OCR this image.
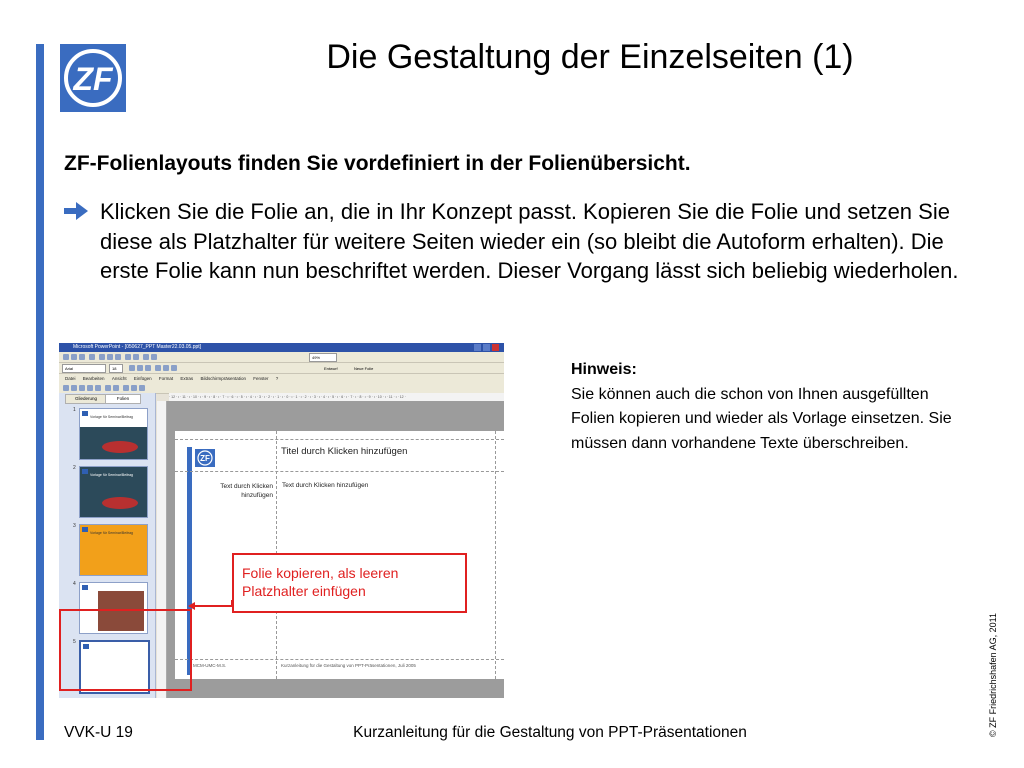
ZF
Die Gestaltung der Einzelseiten (1)
ZF-Folienlayouts finden Sie vordefiniert in der Folienübersicht.
Klicken Sie die Folie an, die in Ihr Konzept passt. Kopieren Sie die Folie und setzen Sie diese als Platzhalter für weitere Seiten wieder ein (so bleibt die Autoform erhalten). Die erste Folie kann nun beschriftet werden. Dieser Vorgang lässt sich beliebig wiederholen.
Microsoft PowerPoint - [050627_PPT Master22.03.05.ppt]
49%
Arial	18	Entwurf	Neue Folie
Datei Bearbeiten Ansicht Einfügen Format Extras Bildschirmpräsentation Fenster ?
Gliederung	Folien
1
Vorlage für Seminar/Beitrag
2
Vorlage für Seminar/Beitrag
3
Vorlage für Seminar/Beitrag
4
5
· 12 · ı · 11 · ı · 10 · ı · 9 · ı · 8 · ı · 7 · ı · 6 · ı · 5 · ı · 4 · ı · 3 · ı · 2 · ı · 1 · ı · 0 · ı · 1 · ı · 2 · ı · 3 · ı · 4 · ı · 5 · ı · 6 · ı · 7 · ı · 8 · ı · 9 · ı · 10 · ı · 11 · ı · 12 ·
ZF
Titel durch Klicken hinzufügen
Text durch Klicken hinzufügen
Text durch Klicken hinzufügen
MCM-UMC-M.S.	Kurzanleitung für die Gestaltung von PPT-Präsentationen, Juli 2005
Folie kopieren, als leeren Platzhalter einfügen
Hinweis:
Sie können auch die schon von Ihnen ausgefüllten Folien kopieren und wieder als Vorlage einsetzen. Sie müssen dann vorhandene Texte überschreiben.
VVK-U 19	Kurzanleitung für die Gestaltung von PPT-Präsentationen	© ZF Friedrichshafen AG, 2011
